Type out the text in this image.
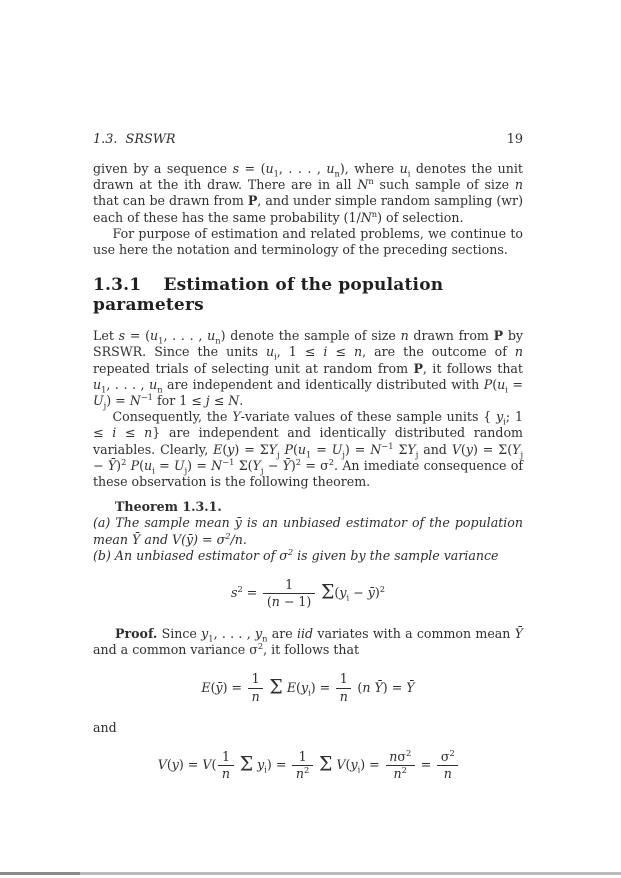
1.3.  SRSWR	19

given by a sequence $s = (u_1$, . . . , $u_n$), where $u_i$ denotes the unit drawn at the ith draw. There are in all $N^n$ such sample of size n that can be drawn from P, and under simple random sampling (wr) each of these has the same probability $(1/N^n)$ of selection.

For purpose of estimation and related problems, we continue to use here the notation and terminology of the preceding sections.

1.3.1 Estimation of the population parameters

Let $s = (u_1$, . . . , $u_n$) denote the sample of size n drawn from P by SRSWR. Since the units $u_i$, 1 ≤ i ≤ n, are the outcome of n repeated trials of selecting unit at random from P, it follows that $u_1$, . . . , $u_n$ are independent and identically distributed with $P(u_i = U_j) = N^{-1}$ for 1 ≤ j ≤ N.

Consequently, the Y-variate values of these sample units { $y_i$; 1 ≤ i ≤ n} are independent and identically distributed random variables. Clearly, $E(y) = \Sigma Y_j$ $P(u_1 = U_j) = N^{-1}$ $\Sigma Y_j$ and $V(y) = \Sigma(Y_j$ − Ȳ)$^2$ $P(u_i = U_j) = N^{-1}$ $\Sigma(Y_j$ − Ȳ)$^2$ = $\sigma^2$. An imediate consequence of these observation is the following theorem.

Theorem 1.3.1.

(a) The sample mean ȳ is an unbiased estimator of the population mean Ȳ and V(ȳ) = $\sigma^2/n$.

(b) An unbiased estimator of $\sigma^2$ is given by the sample variance

$s^2 = \frac{1}{(n - 1)} \Sigma(y_i$ − ȳ)$^2$

Proof. Since $y_1$, . . . , $y_n$ are iid variates with a common mean Ȳ and a common variance $\sigma^2$, it follows that

E(ȳ) = $\frac{1}{n}$ Σ $E(y_i) = \frac{1}{n} (n$ Ȳ) = Ȳ

and

$V(y) = V( \frac{1}{n}$ Σ $y_i) = \frac{1}{n^2}$ Σ $V(y_i) = \frac{n\sigma^2}{n^2} = \frac{\sigma^2}{n}$
